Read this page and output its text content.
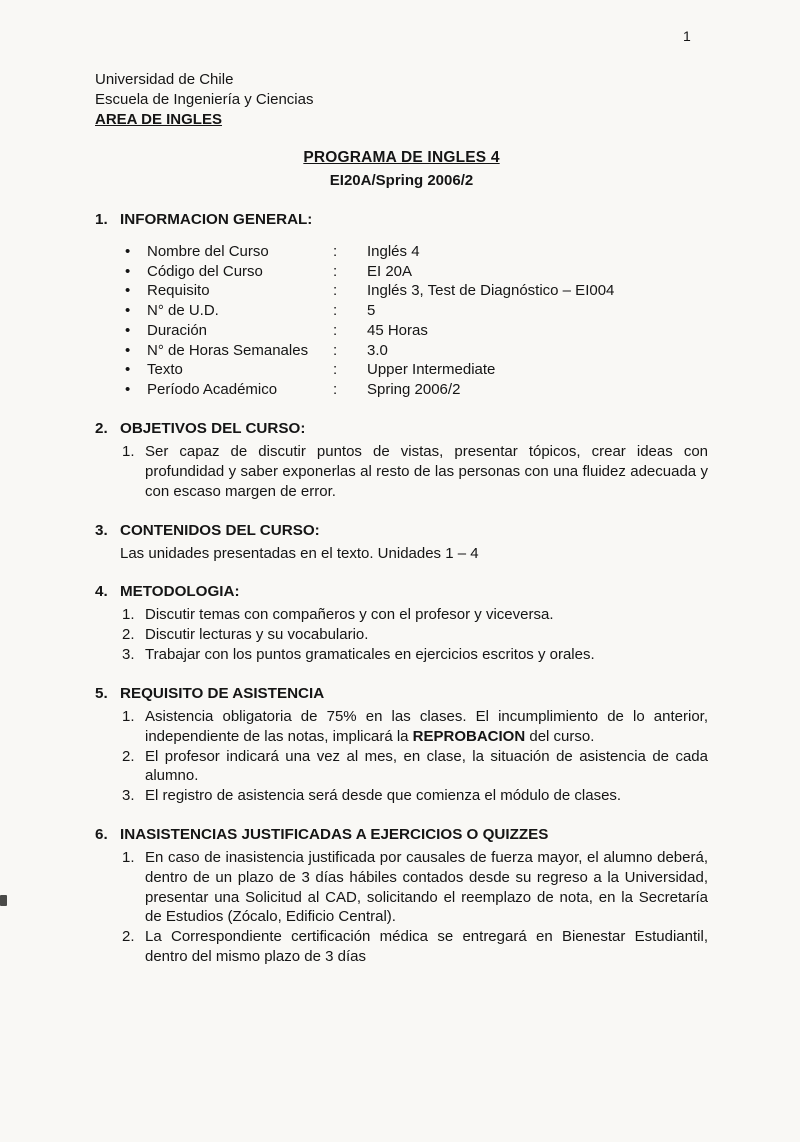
1
Universidad de Chile
Escuela de Ingeniería y Ciencias
AREA DE INGLES
PROGRAMA DE INGLES 4
EI20A/Spring 2006/2
1. INFORMACION GENERAL:
•	Nombre del Curso	:	Inglés 4
•	Código del Curso	:	EI 20A
•	Requisito	:	Inglés 3, Test de Diagnóstico – EI004
•	N° de U.D.	:	5
•	Duración	:	45 Horas
•	N° de Horas Semanales	:	3.0
•	Texto	:	Upper Intermediate
•	Período Académico	:	Spring 2006/2
2. OBJETIVOS DEL CURSO:
1. Ser capaz de discutir puntos de vistas, presentar tópicos, crear ideas con profundidad y saber exponerlas al resto de las personas con una fluidez adecuada y con escaso margen de error.
3. CONTENIDOS DEL CURSO:
Las unidades presentadas en el texto. Unidades 1 – 4
4. METODOLOGIA:
1. Discutir temas con compañeros y con el profesor y viceversa.
2. Discutir lecturas y su vocabulario.
3. Trabajar con los puntos gramaticales en ejercicios escritos y orales.
5. REQUISITO DE ASISTENCIA
1. Asistencia obligatoria de 75% en las clases. El incumplimiento de lo anterior, independiente de las notas, implicará la REPROBACION del curso.
2. El profesor indicará una vez al mes, en clase, la situación de asistencia de cada alumno.
3. El registro de asistencia será desde que comienza el módulo de clases.
6. INASISTENCIAS JUSTIFICADAS A EJERCICIOS O QUIZZES
1. En caso de inasistencia justificada por causales de fuerza mayor, el alumno deberá, dentro de un plazo de 3 días hábiles contados desde su regreso a la Universidad, presentar una Solicitud al CAD, solicitando el reemplazo de nota, en la Secretaría de Estudios (Zócalo, Edificio Central).
2. La Correspondiente certificación médica se entregará en Bienestar Estudiantil, dentro del mismo plazo de 3 días
